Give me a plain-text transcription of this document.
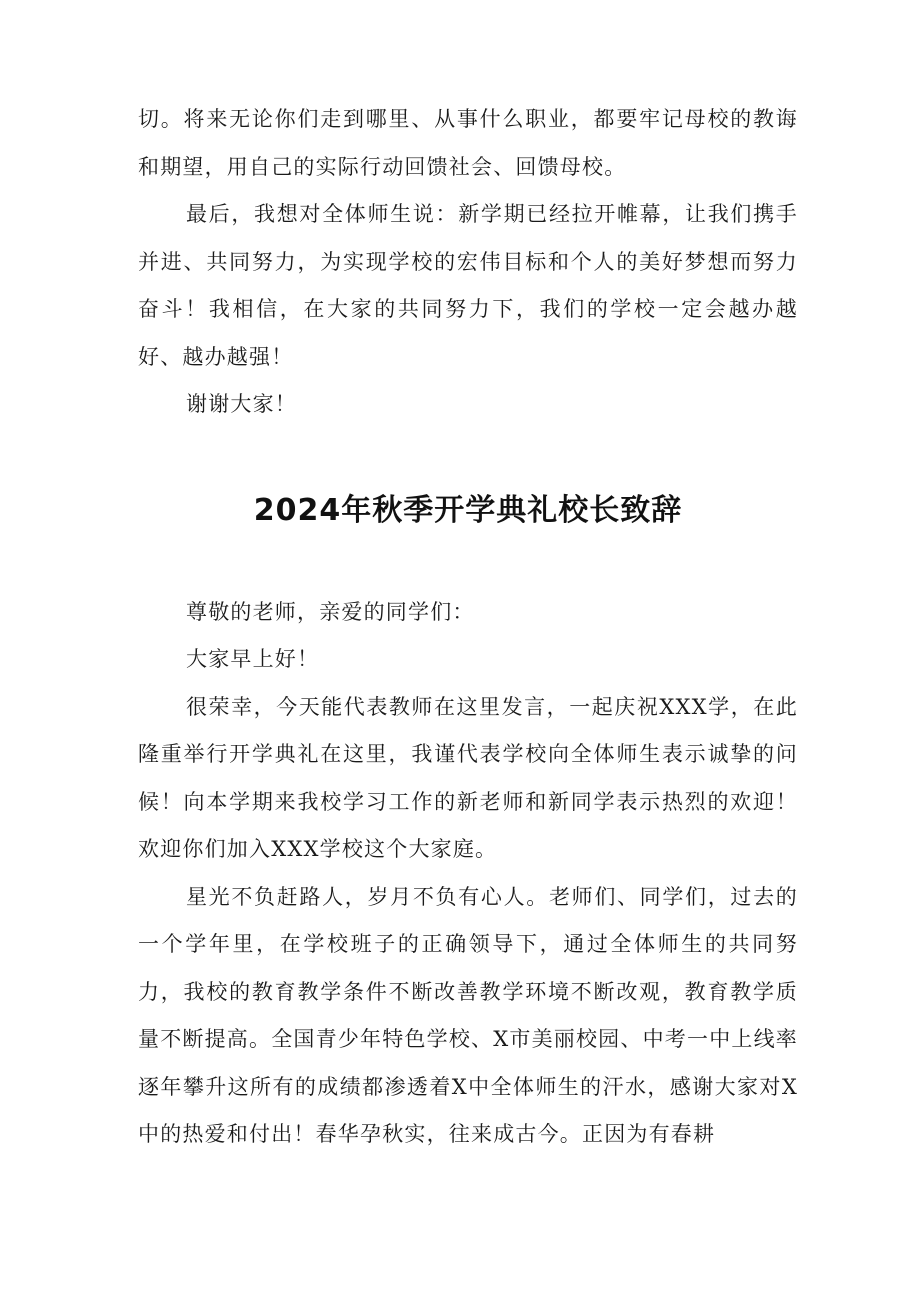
切。将来无论你们走到哪里、从事什么职业，都要牢记母校的教诲和期望，用自己的实际行动回馈社会、回馈母校。

最后，我想对全体师生说：新学期已经拉开帷幕，让我们携手并进、共同努力，为实现学校的宏伟目标和个人的美好梦想而努力奋斗！我相信，在大家的共同努力下，我们的学校一定会越办越好、越办越强！

谢谢大家！

2024年秋季开学典礼校长致辞

尊敬的老师，亲爱的同学们：

大家早上好！

很荣幸，今天能代表教师在这里发言，一起庆祝XXX学，在此隆重举行开学典礼在这里，我谨代表学校向全体师生表示诚挚的问候！向本学期来我校学习工作的新老师和新同学表示热烈的欢迎！欢迎你们加入XXX学校这个大家庭。

星光不负赶路人，岁月不负有心人。老师们、同学们，过去的一个学年里，在学校班子的正确领导下，通过全体师生的共同努力，我校的教育教学条件不断改善教学环境不断改观，教育教学质量不断提高。全国青少年特色学校、X市美丽校园、中考一中上线率逐年攀升这所有的成绩都渗透着X中全体师生的汗水，感谢大家对X中的热爱和付出！春华孕秋实，往来成古今。正因为有春耕
